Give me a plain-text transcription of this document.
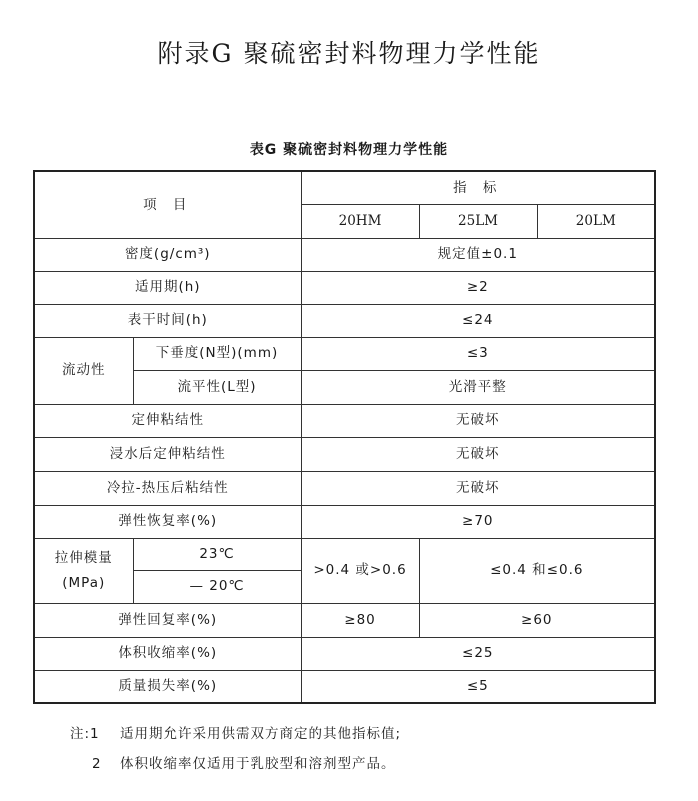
附录G 聚硫密封料物理力学性能
表G 聚硫密封料物理力学性能
项 目		指 标		
		20HM	25LM	20LM
密度(g/cm³)		规定值±0.1		
适用期(h)		≥2		
表干时间(h)		≤24		
流动性	下垂度(N型)(mm)	≤3		
	流平性(L型)	光滑平整		
定伸粘结性		无破坏		
浸水后定伸粘结性		无破坏		
冷拉-热压后粘结性		无破坏		
弹性恢复率(%)		≥70		

拉伸模量
(MPa)	23℃	>0.4 或>0.6	≤0.4 和≤0.6	
	— 20℃			
弹性回复率(%)		≥80	≥60	
体积收缩率(%)		≤25		
质量损失率(%)		≤5		
注:1 适用期允许采用供需双方商定的其他指标值;
2 体积收缩率仅适用于乳胶型和溶剂型产品。
